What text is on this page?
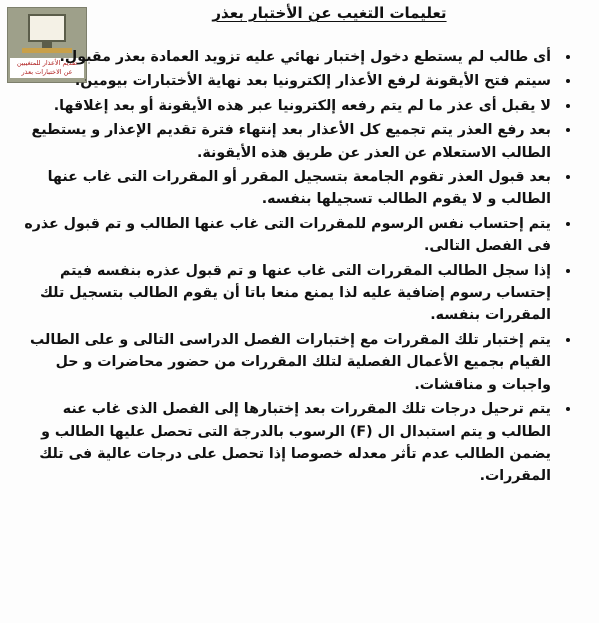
تقديم الأعذار للمتغيبين
عن الاختبارات بعذر
تعليمات التغيب عن الأختبار بعذر
• أى طالب لم يستطع دخول إختبار نهائي عليه تزويد العمادة بعذر مقبول.
• سيتم فتح الأيقونة لرفع الأعذار إلكترونيا بعد نهاية الأختبارات بيومين.
• لا يقبل أى عذر ما لم يتم رفعه إلكترونيا عبر هذه الأيقونة أو بعد إغلاقها.
• بعد رفع العذر يتم تجميع كل الأعذار بعد إنتهاء فترة تقديم الإعذار و يستطيع الطالب الاستعلام عن العذر عن طريق هذه الأيقونة.
• بعد قبول العذر تقوم الجامعة بتسجيل المقرر أو المقررات التى غاب عنها الطالب و لا يقوم الطالب تسجيلها بنفسه.
• يتم إحتساب نفس الرسوم للمقررات التى غاب عنها الطالب و تم قبول عذره فى الفصل التالى.
• إذا سجل الطالب المقررات التى غاب عنها و تم قبول عذره بنفسه فيتم إحتساب رسوم إضافية عليه لذا يمنع منعا باتا أن يقوم الطالب بتسجيل تلك المقررات بنفسه.
• يتم إختبار تلك المقررات مع إختبارات الفصل الدراسى التالى و على الطالب القيام بجميع الأعمال الفصلية لتلك المقررات من حضور محاضرات و حل واجبات و مناقشات.
• يتم ترحيل درجات تلك المقررات بعد إختبارها إلى الفصل الذى غاب عنه الطالب و يتم استبدال ال (F) الرسوب بالدرجة التى تحصل عليها الطالب و يضمن الطالب عدم تأثر معدله خصوصا إذا تحصل على درجات عالية فى تلك المقررات.
